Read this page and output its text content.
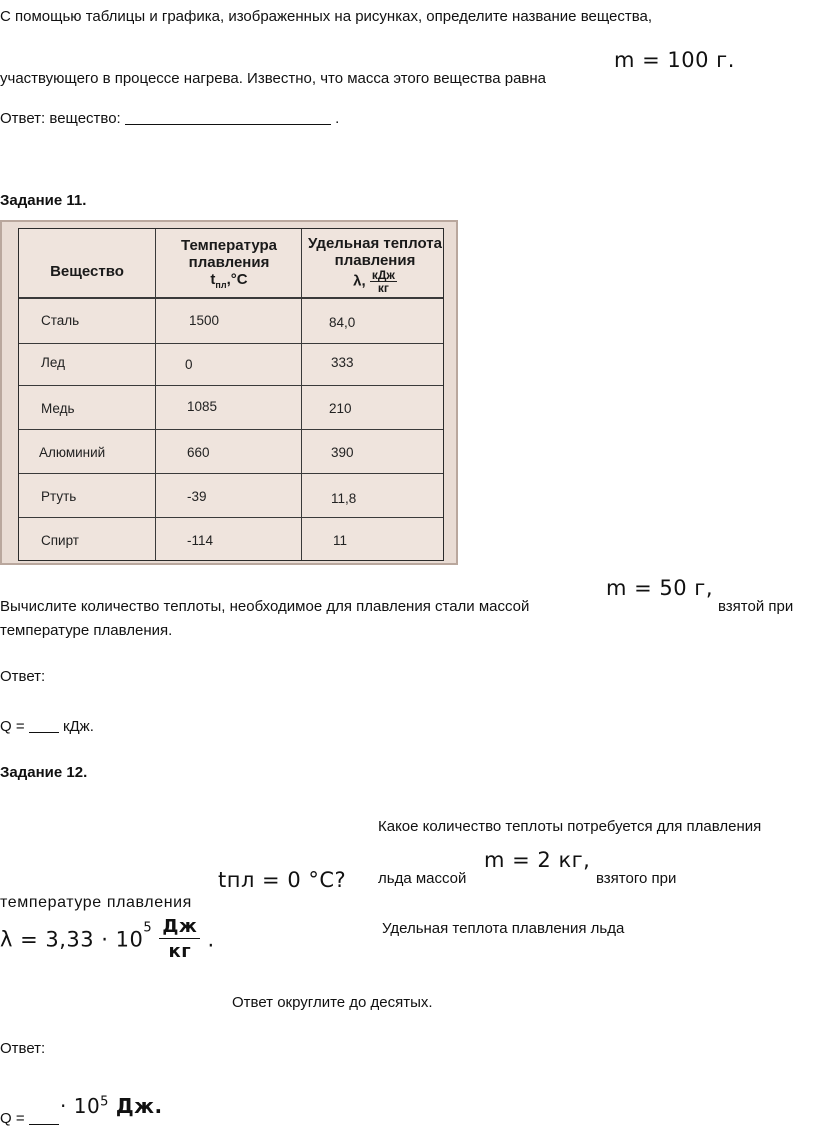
С помощью таблицы и графика, изображенных на рисунках, определите название вещества,
m = 100 г.
участвующего в процессе нагрева. Известно, что масса этого вещества равна
Ответ: вещество:	.
Задание 11.
Вещество
Температура
плавления
$t_{пл},^\circ С$
Удельная теплота
плавления
λ, $\frac{\text{кДж}}{кг}$
Сталь	1500	84,0
Лед	0	333
Медь	1085	210
Алюминий	660	390
Ртуть	-39	11,8
Спирт	-114	11
m = 50 г,
Вычислите количество теплоты, необходимое для плавления стали массой	взятой при
температуре плавления.
Ответ:
Q =	кДж.
Задание 12.
Какое количество теплоты потребуется для плавления
tпл = 0 °С? льда массой
m = 2 кг,
взятого при
температуре плавления
Удельная теплота плавления льда
$\lambda = 3,33 \cdot 10^5 \frac{Дж}{кг}$ .
Ответ округлите до десятых.
Ответ:
· $10^5$ Дж.
Q =
